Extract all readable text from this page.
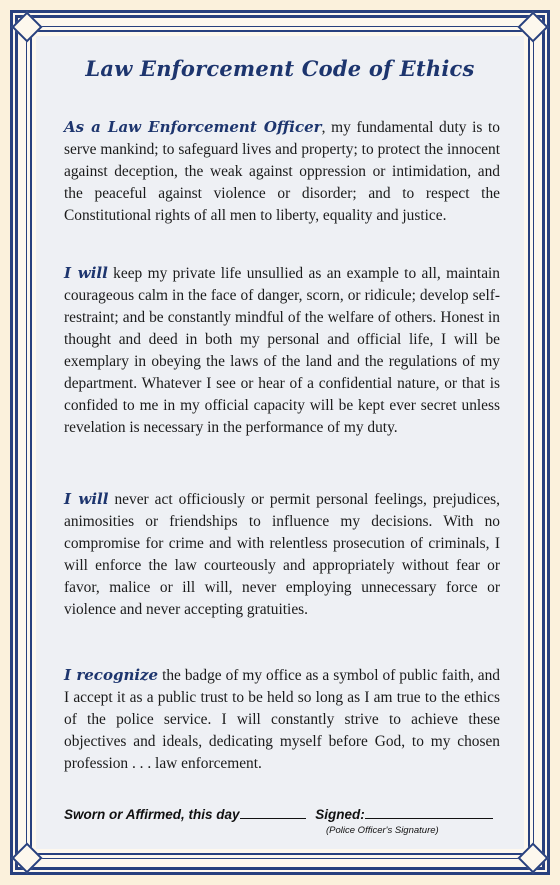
Law Enforcement Code of Ethics
As a Law Enforcement Officer, my fundamental duty is to serve mankind; to safeguard lives and property; to protect the innocent against deception, the weak against oppression or intimidation, and the peaceful against violence or disorder; and to respect the Constitutional rights of all men to liberty, equality and justice.
I will keep my private life unsullied as an example to all, maintain courageous calm in the face of danger, scorn, or ridicule; develop self-restraint; and be constantly mindful of the welfare of others. Honest in thought and deed in both my personal and official life, I will be exemplary in obeying the laws of the land and the regulations of my department. Whatever I see or hear of a confidential nature, or that is confided to me in my official capacity will be kept ever secret unless revelation is necessary in the performance of my duty.
I will never act officiously or permit personal feelings, prejudices, animosities or friendships to influence my decisions. With no compromise for crime and with relentless prosecution of criminals, I will enforce the law courteously and appropriately without fear or favor, malice or ill will, never employing unnecessary force or violence and never accepting gratuities.
I recognize the badge of my office as a symbol of public faith, and I accept it as a public trust to be held so long as I am true to the ethics of the police service. I will constantly strive to achieve these objectives and ideals, dedicating myself before God, to my chosen profession . . . law enforcement.
Sworn or Affirmed, this day	Signed:
(Police Officer's Signature)
